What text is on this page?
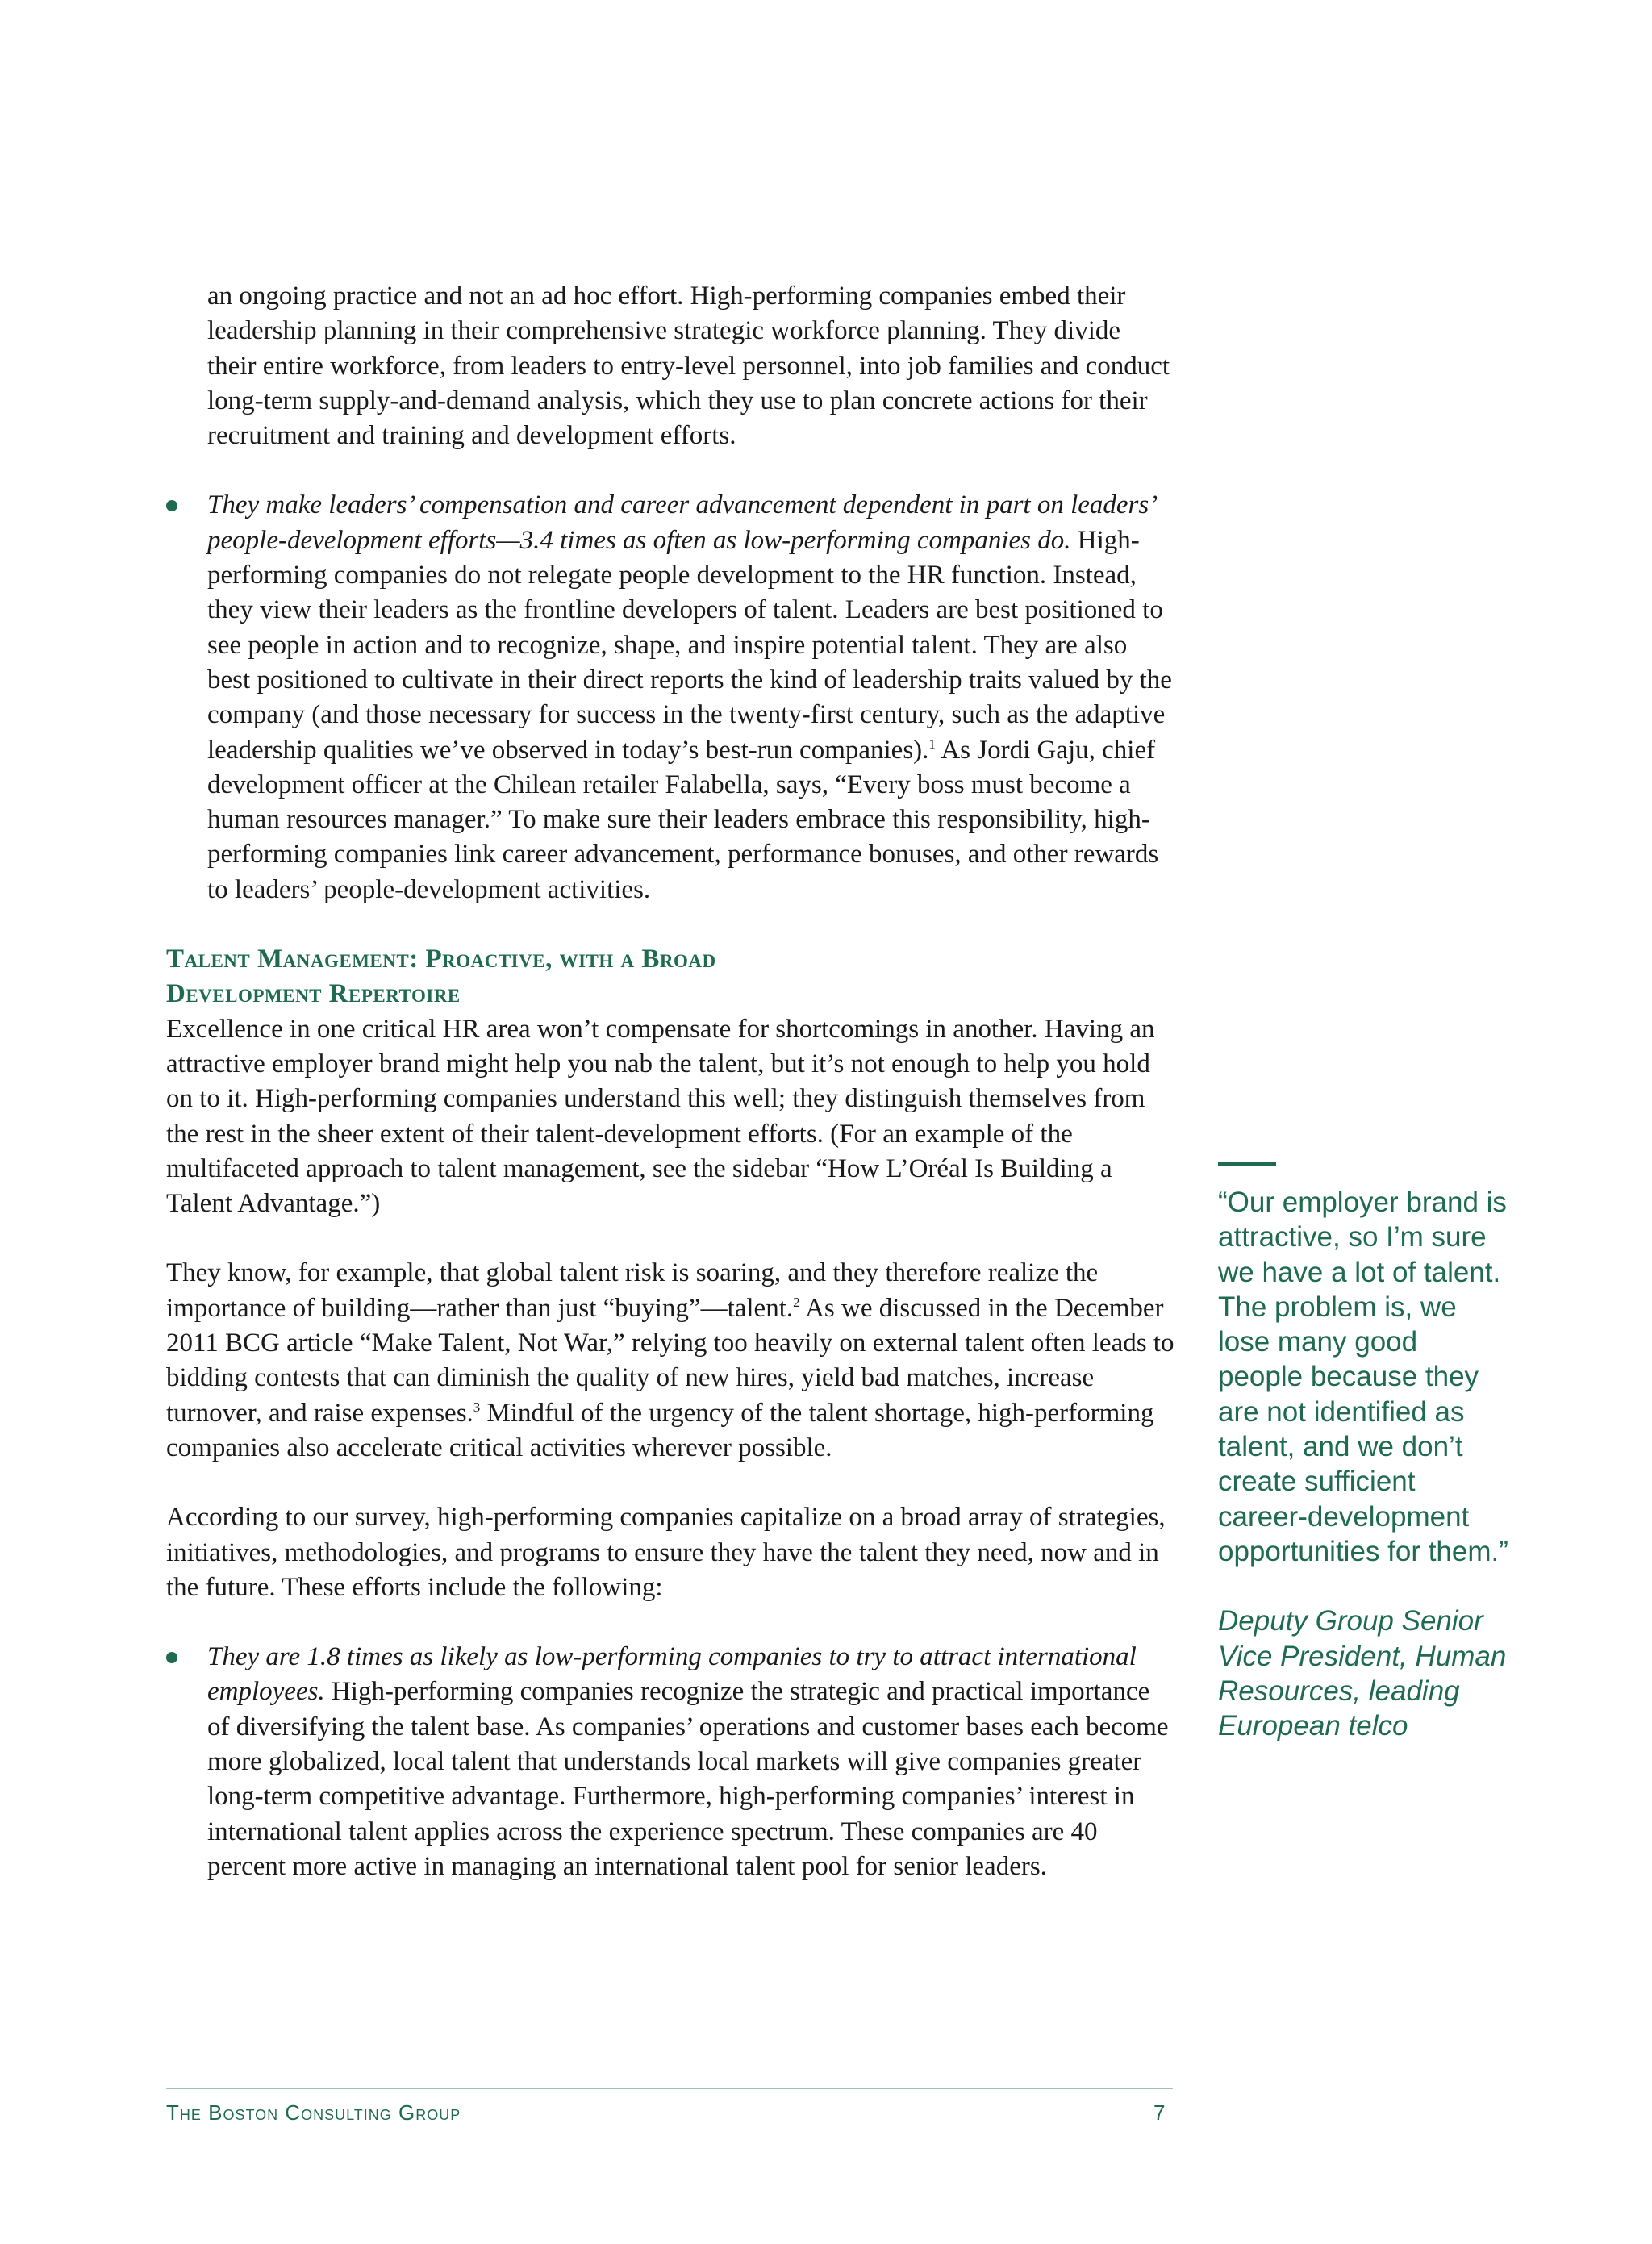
an ongoing practice and not an ad hoc effort. High-performing companies embed their leadership planning in their comprehensive strategic workforce planning. They divide their entire workforce, from leaders to entry-level personnel, into job families and conduct long-term supply-and-demand analysis, which they use to plan concrete actions for their recruitment and training and development efforts.

They make leaders’ compensation and career advancement dependent in part on leaders’ people-development efforts—3.4 times as often as low-performing companies do. High-performing companies do not relegate people development to the HR function. Instead, they view their leaders as the frontline developers of talent. Leaders are best positioned to see people in action and to recognize, shape, and inspire potential talent. They are also best positioned to cultivate in their direct reports the kind of leadership traits valued by the company (and those necessary for success in the twenty-first century, such as the adaptive leadership qualities we’ve observed in today’s best-run companies).$^1$ As Jordi Gaju, chief development officer at the Chilean retailer Falabella, says, “Every boss must become a human resources manager.” To make sure their leaders embrace this responsibility, high-performing companies link career advancement, performance bonuses, and other rewards to leaders’ people-development activities.

Talent Management: Proactive, with a Broad
Development Repertoire

Excellence in one critical HR area won’t compensate for shortcomings in another. Having an attractive employer brand might help you nab the talent, but it’s not enough to help you hold on to it. High-performing companies understand this well; they distinguish themselves from the rest in the sheer extent of their talent-development efforts. (For an example of the multifaceted approach to talent management, see the sidebar “How L’Oréal Is Building a Talent Advantage.”)

They know, for example, that global talent risk is soaring, and they therefore realize the importance of building—rather than just “buying”—talent.$^2$ As we discussed in the December 2011 BCG article “Make Talent, Not War,” relying too heavily on external talent often leads to bidding contests that can diminish the quality of new hires, yield bad matches, increase turnover, and raise expenses.$^3$ Mindful of the urgency of the talent shortage, high-performing companies also accelerate critical activities wherever possible.

According to our survey, high-performing companies capitalize on a broad array of strategies, initiatives, methodologies, and programs to ensure they have the talent they need, now and in the future. These efforts include the following:

They are 1.8 times as likely as low-performing companies to try to attract international employees. High-performing companies recognize the strategic and practical importance of diversifying the talent base. As companies’ operations and customer bases each become more globalized, local talent that understands local markets will give companies greater long-term competitive advantage. Furthermore, high-performing companies’ interest in international talent applies across the experience spectrum. These companies are 40 percent more active in managing an international talent pool for senior leaders.

“Our employer brand is attractive, so I’m sure we have a lot of talent. The problem is, we lose many good people because they are not identified as talent, and we don’t create sufficient career-development opportunities for them.”

Deputy Group Senior Vice President, Human Resources, leading European telco
The Boston Consulting Group	7
